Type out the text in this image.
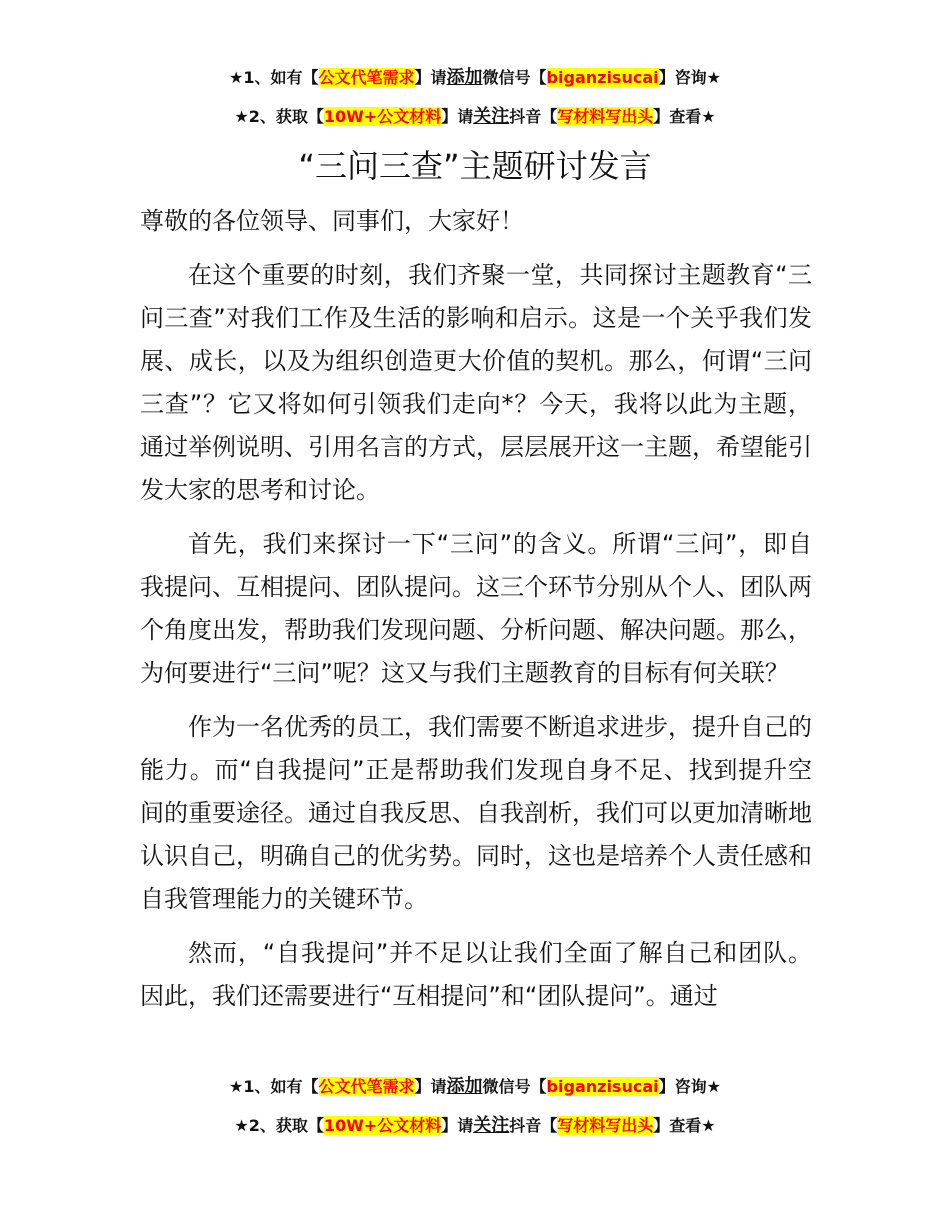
★1、如有【公文代笔需求】请添加微信号【biganzisucai】咨询★
★2、获取【10W+公文材料】请关注抖音【写材料写出头】查看★
“三问三查”主题研讨发言

尊敬的各位领导、同事们，大家好！

在这个重要的时刻，我们齐聚一堂，共同探讨主题教育“三问三查”对我们工作及生活的影响和启示。这是一个关乎我们发展、成长，以及为组织创造更大价值的契机。那么，何谓“三问三查”？它又将如何引领我们走向*？今天，我将以此为主题，通过举例说明、引用名言的方式，层层展开这一主题，希望能引发大家的思考和讨论。

首先，我们来探讨一下“三问”的含义。所谓“三问”，即自我提问、互相提问、团队提问。这三个环节分别从个人、团队两个角度出发，帮助我们发现问题、分析问题、解决问题。那么，为何要进行“三问”呢？这又与我们主题教育的目标有何关联？

作为一名优秀的员工，我们需要不断追求进步，提升自己的能力。而“自我提问”正是帮助我们发现自身不足、找到提升空间的重要途径。通过自我反思、自我剖析，我们可以更加清晰地认识自己，明确自己的优劣势。同时，这也是培养个人责任感和自我管理能力的关键环节。

然而，“自我提问”并不足以让我们全面了解自己和团队。因此，我们还需要进行“互相提问”和“团队提问”。通过

★1、如有【公文代笔需求】请添加微信号【biganzisucai】咨询★
★2、获取【10W+公文材料】请关注抖音【写材料写出头】查看★
